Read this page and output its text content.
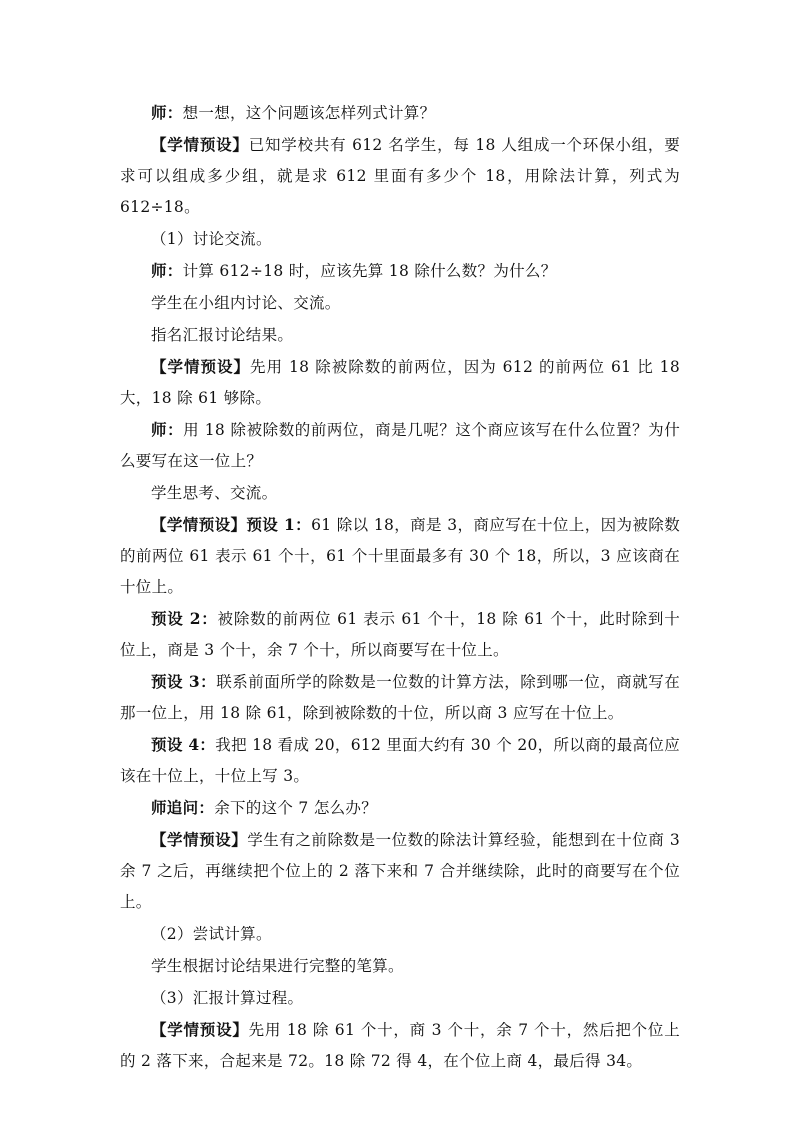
师：想一想，这个问题该怎样列式计算？

【学情预设】已知学校共有 612 名学生，每 18 人组成一个环保小组，要求可以组成多少组，就是求 612 里面有多少个 18，用除法计算，列式为 612÷18。

（1）讨论交流。

师：计算 612÷18 时，应该先算 18 除什么数？为什么？

学生在小组内讨论、交流。

指名汇报讨论结果。

【学情预设】先用 18 除被除数的前两位，因为 612 的前两位 61 比 18 大，18 除 61 够除。

师：用 18 除被除数的前两位，商是几呢？这个商应该写在什么位置？为什么要写在这一位上？

学生思考、交流。

【学情预设】预设 1：61 除以 18，商是 3，商应写在十位上，因为被除数的前两位 61 表示 61 个十，61 个十里面最多有 30 个 18，所以，3 应该商在十位上。

预设 2：被除数的前两位 61 表示 61 个十，18 除 61 个十，此时除到十位上，商是 3 个十，余 7 个十，所以商要写在十位上。

预设 3：联系前面所学的除数是一位数的计算方法，除到哪一位，商就写在那一位上，用 18 除 61，除到被除数的十位，所以商 3 应写在十位上。

预设 4：我把 18 看成 20，612 里面大约有 30 个 20，所以商的最高位应该在十位上，十位上写 3。

师追问：余下的这个 7 怎么办？

【学情预设】学生有之前除数是一位数的除法计算经验，能想到在十位商 3 余 7 之后，再继续把个位上的 2 落下来和 7 合并继续除，此时的商要写在个位上。

（2）尝试计算。

学生根据讨论结果进行完整的笔算。

（3）汇报计算过程。

【学情预设】先用 18 除 61 个十，商 3 个十，余 7 个十，然后把个位上的 2 落下来，合起来是 72。18 除 72 得 4，在个位上商 4，最后得 34。
